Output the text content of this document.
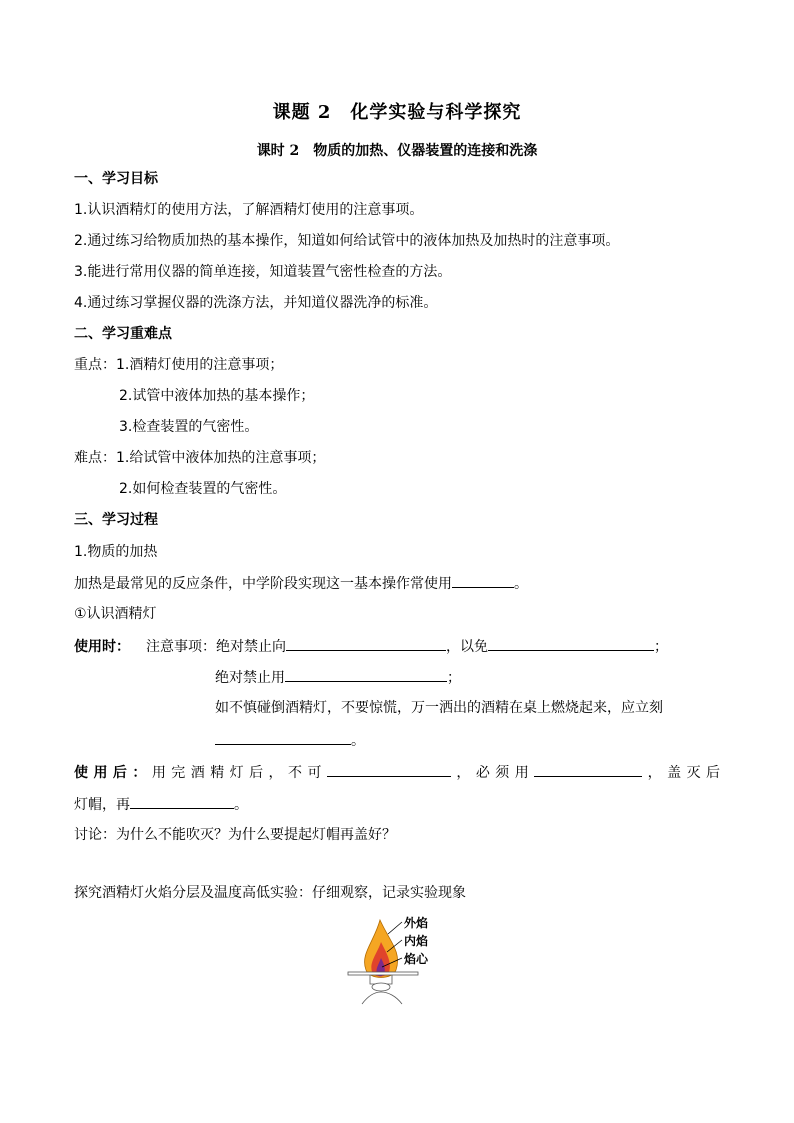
课题 2　化学实验与科学探究
课时 2　物质的加热、仪器装置的连接和洗涤
一、学习目标
1.认识酒精灯的使用方法，了解酒精灯使用的注意事项。
2.通过练习给物质加热的基本操作，知道如何给试管中的液体加热及加热时的注意事项。
3.能进行常用仪器的简单连接，知道装置气密性检查的方法。
4.通过练习掌握仪器的洗涤方法，并知道仪器洗净的标准。
二、学习重难点
重点：1.酒精灯使用的注意事项；
2.试管中液体加热的基本操作；
3.检查装置的气密性。
难点：1.给试管中液体加热的注意事项；
2.如何检查装置的气密性。
三、学习过程
1.物质的加热
加热是最常见的反应条件，中学阶段实现这一基本操作常使用	。
①认识酒精灯
使用时： 注意事项：绝对禁止向	，以免	；
绝对禁止用	；
如不慎碰倒酒精灯，不要惊慌，万一洒出的酒精在桌上燃烧起来，应立刻
。
使用后：用完酒精灯后，不可	，必须用	，盖灭后
灯帽，再	。
讨论：为什么不能吹灭？为什么要提起灯帽再盖好？
探究酒精灯火焰分层及温度高低实验：仔细观察，记录实验现象
外焰
内焰
焰心
